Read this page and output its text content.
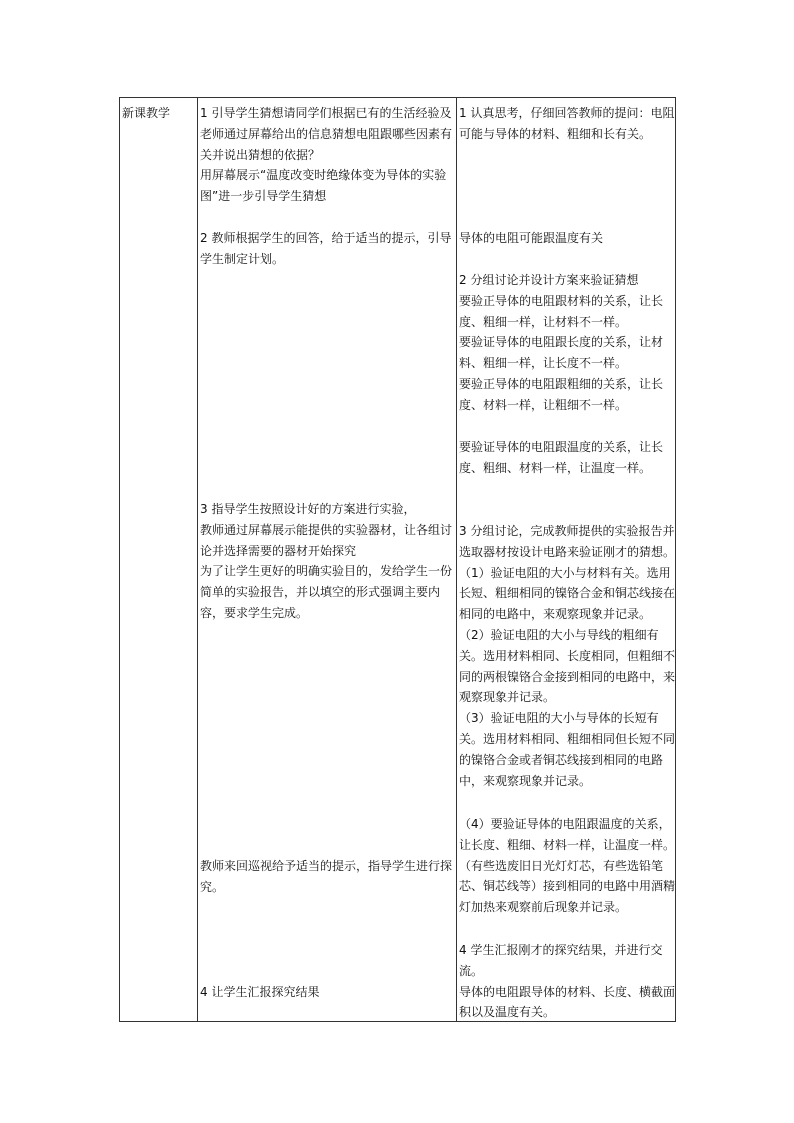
新课教学	1 引导学生猜想请同学们根据已有的生活经验及
老师通过屏幕给出的信息猜想电阻跟哪些因素有
关并说出猜想的依据？
用屏幕展示“温度改变时绝缘体变为导体的实验
图”进一步引导学生猜想
2 教师根据学生的回答，给于适当的提示，引导
学生制定计划。
3 指导学生按照设计好的方案进行实验，
教师通过屏幕展示能提供的实验器材，让各组讨
论并选择需要的器材开始探究
为了让学生更好的明确实验目的，发给学生一份
简单的实验报告，并以填空的形式强调主要内
容，要求学生完成。
教师来回巡视给予适当的提示，指导学生进行探
究。
4 让学生汇报探究结果
1 认真思考，仔细回答教师的提问：电阻
可能与导体的材料、粗细和长有关。
导体的电阻可能跟温度有关
2 分组讨论并设计方案来验证猜想
要验正导体的电阻跟材料的关系，让长
度、粗细一样，让材料不一样。
要验证导体的电阻跟长度的关系，让材
料、粗细一样，让长度不一样。
要验正导体的电阻跟粗细的关系，让长
度、材料一样，让粗细不一样。
要验证导体的电阻跟温度的关系，让长
度、粗细、材料一样，让温度一样。
3 分组讨论，完成教师提供的实验报告并
选取器材按设计电路来验证刚才的猜想。
（1）验证电阻的大小与材料有关。选用
长短、粗细相同的镍铬合金和铜芯线接在
相同的电路中，来观察现象并记录。
（2）验证电阻的大小与导线的粗细有
关。选用材料相同、长度相同，但粗细不
同的两根镍铬合金接到相同的电路中，来
观察现象并记录。
（3）验证电阻的大小与导体的长短有
关。选用材料相同、粗细相同但长短不同
的镍铬合金或者铜芯线接到相同的电路
中，来观察现象并记录。
（4）要验证导体的电阻跟温度的关系，
让长度、粗细、材料一样，让温度一样。
（有些选废旧日光灯灯芯，有些选铅笔
芯、铜芯线等）接到相同的电路中用酒精
灯加热来观察前后现象并记录。
4 学生汇报刚才的探究结果，并进行交
流。
导体的电阻跟导体的材料、长度、横截面
积以及温度有关。
